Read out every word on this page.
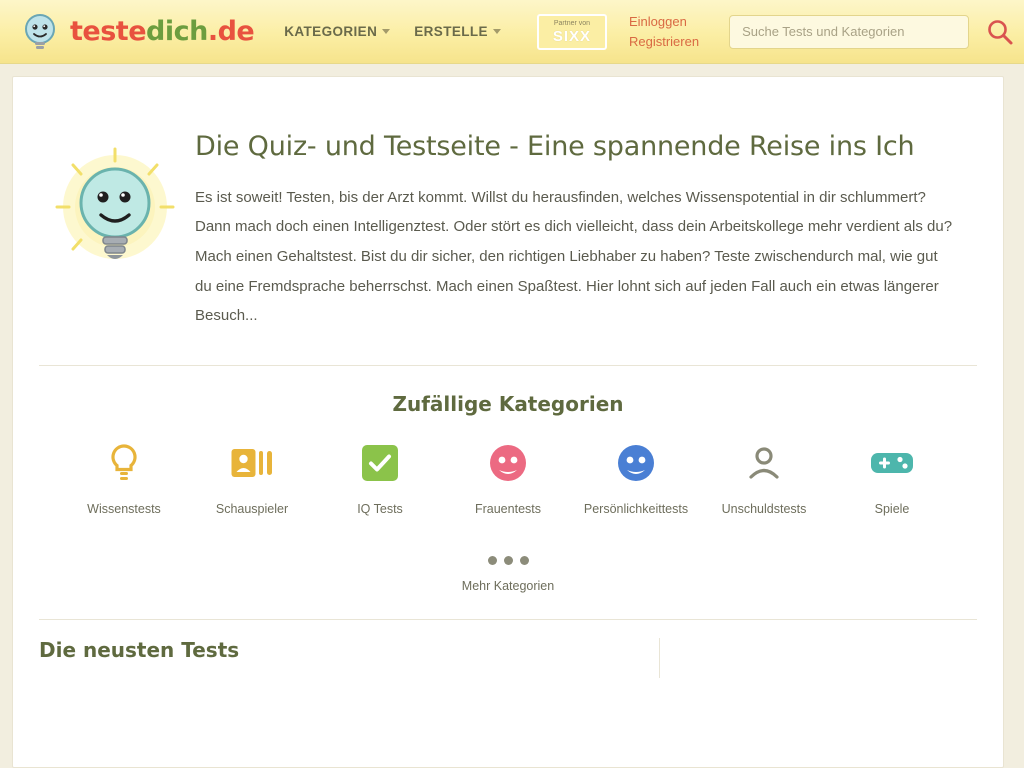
testedich.de KATEGORIEN	ERSTELLE
Partner von
SIXX
Einloggen
Registrieren
Suche Tests und Kategorien
Die Quiz- und Testseite - Eine spannende Reise ins Ich

Es ist soweit! Testen, bis der Arzt kommt. Willst du herausfinden, welches Wissenspotential in dir schlummert? Dann mach doch einen Intelligenztest. Oder stört es dich vielleicht, dass dein Arbeitskollege mehr verdient als du? Mach einen Gehaltstest. Bist du dir sicher, den richtigen Liebhaber zu haben? Teste zwischendurch mal, wie gut du eine Fremdsprache beherrschst. Mach einen Spaßtest. Hier lohnt sich auf jeden Fall auch ein etwas längerer Besuch...

Zufällige Kategorien
Wissenstests	Schauspieler	IQ Tests	Frauentests	Persönlichkeittests	Unschuldstests	Spiele
Mehr Kategorien
Die neusten Tests
